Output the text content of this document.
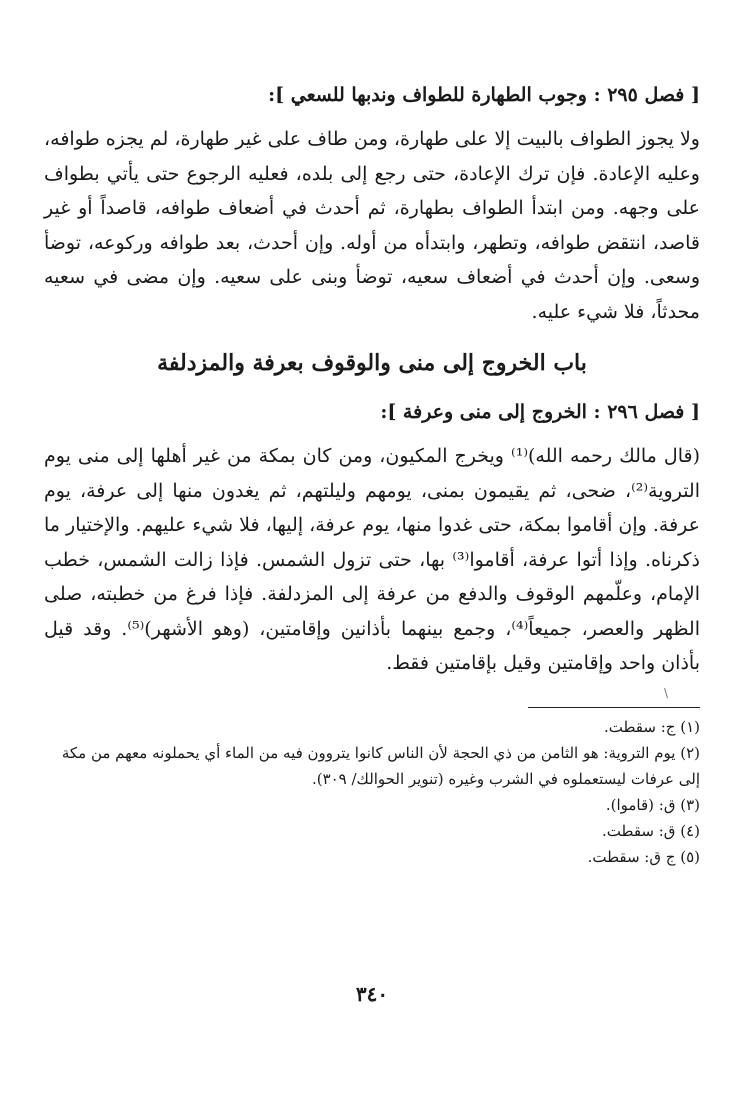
[ فصل ٢٩٥ : وجوب الطهارة للطواف وندبها للسعي ]:

ولا يجوز الطواف بالبيت إلا على طهارة، ومن طاف على غير طهارة، لم يجزه طوافه، وعليه الإعادة. فإن ترك الإعادة، حتى رجع إلى بلده، فعليه الرجوع حتى يأتي بطواف على وجهه. ومن ابتدأ الطواف بطهارة، ثم أحدث في أضعاف طوافه، قاصداً أو غير قاصد، انتقض طوافه، وتطهر، وابتدأه من أوله. وإن أحدث، بعد طوافه وركوعه، توضأ وسعى. وإن أحدث في أضعاف سعيه، توضأ وبنى على سعيه. وإن مضى في سعيه محدثاً، فلا شيء عليه.

باب الخروج إلى منى والوقوف بعرفة والمزدلفة
[ فصل ٢٩٦ : الخروج إلى منى وعرفة ]:

(قال مالك رحمه الله)⁽¹⁾ ويخرج المكيون، ومن كان بمكة من غير أهلها إلى منى يوم التروية⁽²⁾، ضحى، ثم يقيمون بمنى، يومهم وليلتهم، ثم يغدون منها إلى عرفة، يوم عرفة. وإن أقاموا بمكة، حتى غدوا منها، يوم عرفة، إليها، فلا شيء عليهم. والإختيار ما ذكرناه. وإذا أتوا عرفة، أقاموا⁽³⁾ بها، حتى تزول الشمس. فإذا زالت الشمس، خطب الإمام، وعلّمهم الوقوف والدفع من عرفة إلى المزدلفة. فإذا فرغ من خطبته، صلى الظهر والعصر، جميعاً⁽⁴⁾، وجمع بينهما بأذانين وإقامتين، (وهو الأشهر)⁽⁵⁾. وقد قيل بأذان واحد وإقامتين وقيل بإقامتين فقط.

(١) ج: سقطت.
(٢) يوم التروية: هو الثامن من ذي الحجة لأن الناس كانوا يتروون فيه من الماء أي يحملونه معهم من مكة إلى عرفات ليستعملوه في الشرب وغيره (تنوير الحوالك/ ٣٠٩).
(٣) ق: (قاموا).
(٤) ق: سقطت.
(٥) ج ق: سقطت.
\
٣٤٠
